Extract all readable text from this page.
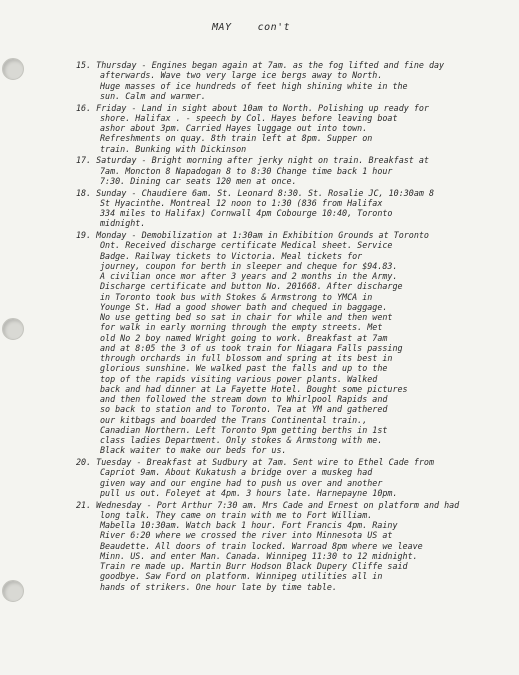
MAY	con't
15. Thursday - Engines began again at 7am. as the fog lifted and fine day
afterwards. Wave two very large ice bergs away to North.
Huge masses of ice hundreds of feet high shining white in the
sun. Calm and warmer.
16. Friday - Land in sight about 10am to North. Polishing up ready for
shore. Halifax . - speech by Col. Hayes before leaving boat
ashor about 3pm. Carried Hayes luggage out into town.
Refreshments on quay. 8th train left at 8pm. Supper on
train. Bunking with Dickinson
17. Saturday - Bright morning after jerky night on train. Breakfast at
7am. Moncton 8 Napadogan 8 to 8:30 Change time back 1 hour
7:30. Dining car seats 120 men at once.
18. Sunday - Chaudiere 6am. St. Leonard 8:30. St. Rosalie JC, 10:30am 8
St Hyacinthe. Montreal 12 noon to 1:30 (836 from Halifax
334 miles to Halifax) Cornwall 4pm Cobourge 10:40, Toronto
midnight.
19. Monday - Demobilization at 1:30am in Exhibition Grounds at Toronto
Ont. Received discharge certificate Medical sheet. Service
Badge. Railway tickets to Victoria. Meal tickets for
journey, coupon for berth in sleeper and cheque for $94.83.
A civilian once mor after 3 years and 2 months in the Army.
Discharge certificate and button No. 201668. After discharge
in Toronto took bus with Stokes & Armstrong to YMCA in
Younge St. Had a good shower bath and chequed in baggage.
No use getting bed so sat in chair for while and then went
for walk in early morning through the empty streets. Met
old No 2 boy named Wright going to work. Breakfast at 7am
and at 8:05 the 3 of us took train for Niagara Falls passing
through orchards in full blossom and spring at its best in
glorious sunshine. We walked past the falls and up to the
top of the rapids visiting various power plants. Walked
back and had dinner at La Fayette Hotel. Bought some pictures
and then followed the stream down to Whirlpool Rapids and
so back to station and to Toronto. Tea at YM and gathered
our kitbags and boarded the Trans Continental train.,
Canadian Northern. Left Toronto 9pm getting berths in 1st
class ladies Department. Only stokes & Armstong with me.
Black waiter to make our beds for us.
20. Tuesday - Breakfast at Sudbury at 7am. Sent wire to Ethel Cade from
Capriot 9am. About Kukatush a bridge over a muskeg had
given way and our engine had to push us over and another
pull us out. Foleyet at 4pm. 3 hours late. Harnepayne 10pm.
21. Wednesday - Port Arthur 7:30 am. Mrs Cade and Ernest on platform and had
long talk. They came on train with me to Fort William.
Mabella 10:30am. Watch back 1 hour. Fort Francis 4pm. Rainy
River 6:20 where we crossed the river into Minnesota US at
Beaudette. All doors of train locked. Warroad 8pm where we leave
Minn. US. and enter Man. Canada. Winnipeg 11:30 to 12 midnight.
Train re made up. Martin Burr Hodson Black Dupery Cliffe said
goodbye. Saw Ford on platform. Winnipeg utilities all in
hands of strikers. One hour late by time table.
